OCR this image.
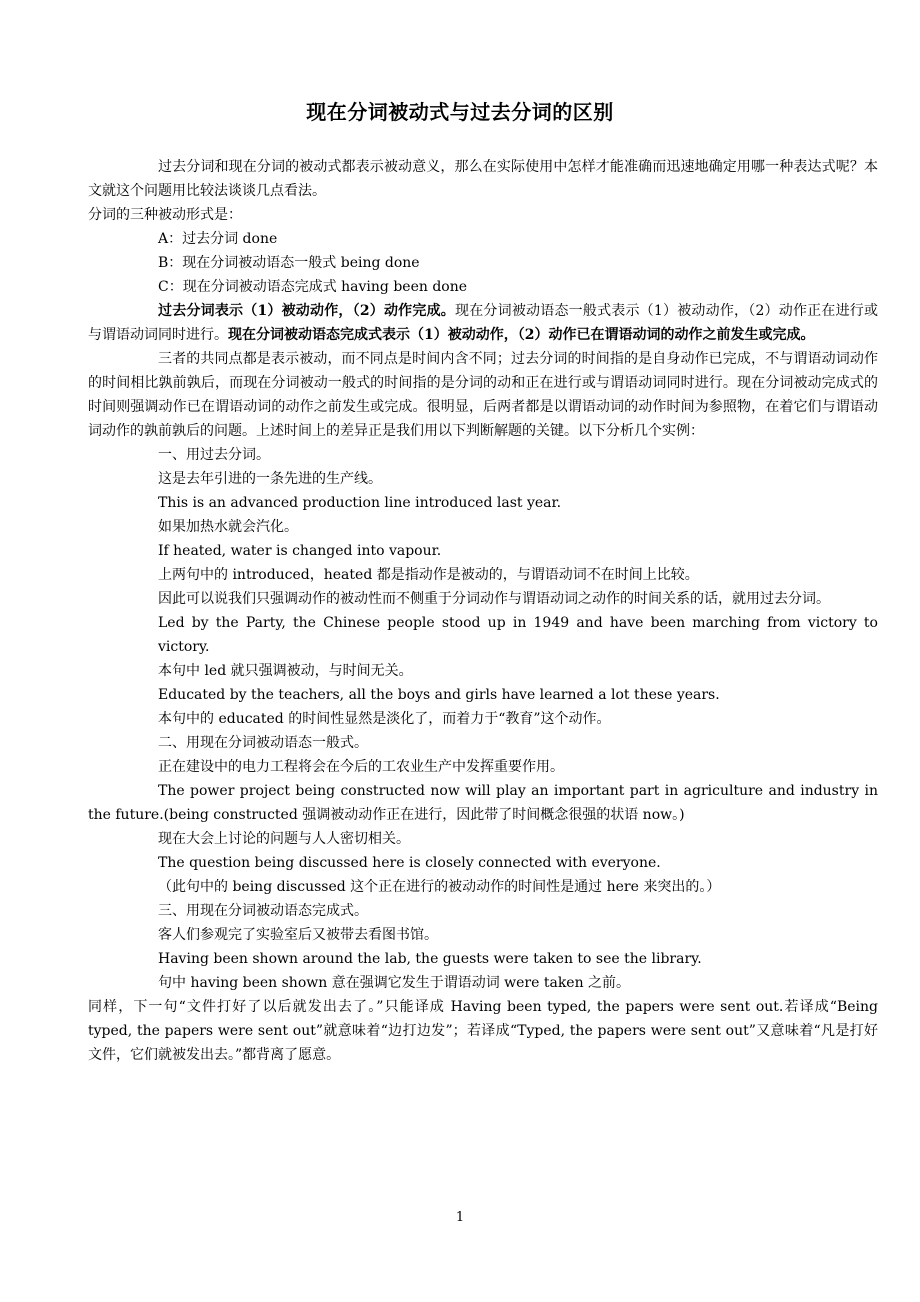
现在分词被动式与过去分词的区别

过去分词和现在分词的被动式都表示被动意义，那么在实际使用中怎样才能准确而迅速地确定用哪一种表达式呢？本文就这个问题用比较法谈谈几点看法。

分词的三种被动形式是：

A：过去分词 done

B：现在分词被动语态一般式 being done

C：现在分词被动语态完成式 having been done

过去分词表示（1）被动动作，（2）动作完成。现在分词被动语态一般式表示（1）被动动作，（2）动作正在进行或与谓语动词同时进行。现在分词被动语态完成式表示（1）被动动作，（2）动作已在谓语动词的动作之前发生或完成。

三者的共同点都是表示被动，而不同点是时间内含不同；过去分词的时间指的是自身动作已完成，不与谓语动词动作的时间相比孰前孰后，而现在分词被动一般式的时间指的是分词的动和正在进行或与谓语动词同时进行。现在分词被动完成式的时间则强调动作已在谓语动词的动作之前发生或完成。很明显，后两者都是以谓语动词的动作时间为参照物，在着它们与谓语动词动作的孰前孰后的问题。上述时间上的差异正是我们用以下判断解题的关键。以下分析几个实例：

一、用过去分词。

这是去年引进的一条先进的生产线。

This is an advanced production line introduced last year.

如果加热水就会汽化。

If heated, water is changed into vapour.

上两句中的 introduced，heated 都是指动作是被动的，与谓语动词不在时间上比较。

因此可以说我们只强调动作的被动性而不侧重于分词动作与谓语动词之动作的时间关系的话，就用过去分词。

Led by the Party, the Chinese people stood up in 1949 and have been marching from victory to victory.

本句中 led 就只强调被动，与时间无关。

Educated by the teachers, all the boys and girls have learned a lot these years.

本句中的 educated 的时间性显然是淡化了，而着力于“教育”这个动作。

二、用现在分词被动语态一般式。

正在建设中的电力工程将会在今后的工农业生产中发挥重要作用。

The power project being constructed now will play an important part in agriculture and industry in the future.(being constructed 强调被动动作正在进行，因此带了时间概念很强的状语 now。)

现在大会上讨论的问题与人人密切相关。

The question being discussed here is closely connected with everyone.

（此句中的 being discussed 这个正在进行的被动动作的时间性是通过 here 来突出的。）

三、用现在分词被动语态完成式。

客人们参观完了实验室后又被带去看图书馆。

Having been shown around the lab, the guests were taken to see the library.

句中 having been shown 意在强调它发生于谓语动词 were taken 之前。

同样，下一句“文件打好了以后就发出去了。”只能译成 Having been typed, the papers were sent out.若译成“Being typed, the papers were sent out”就意味着“边打边发”；若译成“Typed, the papers were sent out”又意味着“凡是打好文件，它们就被发出去。”都背离了愿意。

1
